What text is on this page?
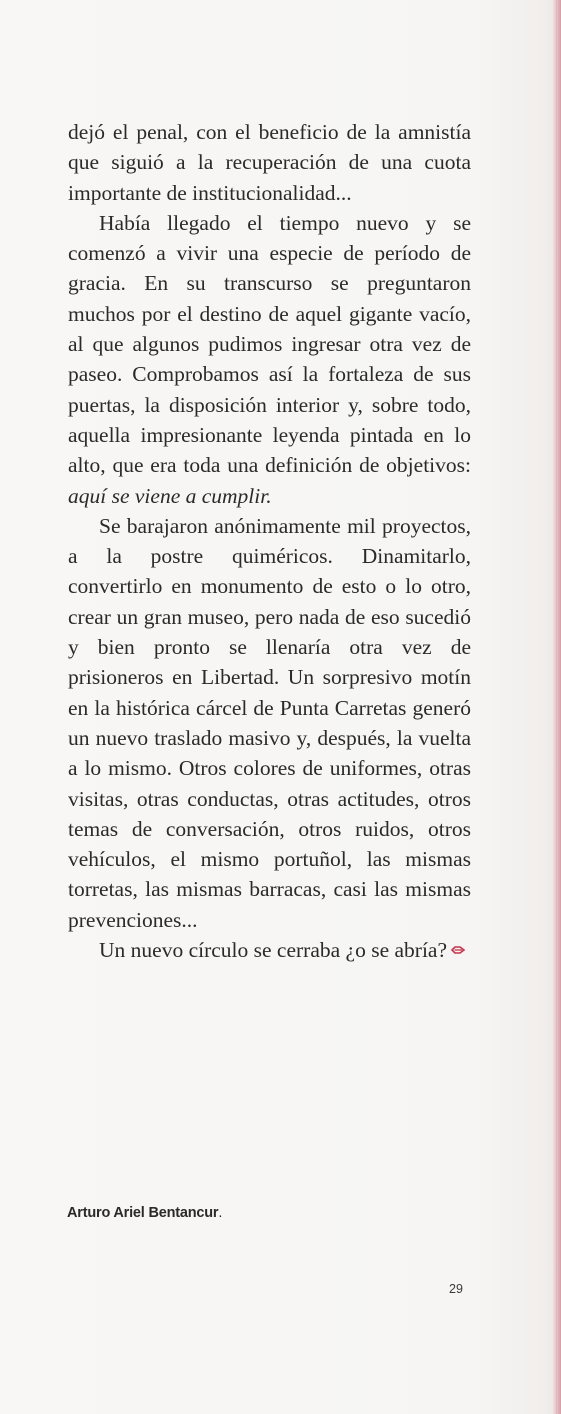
dejó el penal, con el beneficio de la amnistía que siguió a la recuperación de una cuota importante de institucionalidad...

Había llegado el tiempo nuevo y se comenzó a vivir una especie de período de gracia. En su transcurso se preguntaron muchos por el destino de aquel gigante vacío, al que algunos pudimos ingresar otra vez de paseo. Comprobamos así la fortaleza de sus puertas, la disposición interior y, sobre todo, aquella impresionante leyenda pintada en lo alto, que era toda una definición de objetivos: aquí se viene a cumplir.

Se barajaron anónimamente mil proyectos, a la postre quiméricos. Dinamitarlo, convertirlo en monumento de esto o lo otro, crear un gran museo, pero nada de eso sucedió y bien pronto se llenaría otra vez de prisioneros en Libertad. Un sorpresivo motín en la histórica cárcel de Punta Carretas generó un nuevo traslado masivo y, después, la vuelta a lo mismo. Otros colores de uniformes, otras visitas, otras conductas, otras actitudes, otros temas de conversación, otros ruidos, otros vehículos, el mismo portuñol, las mismas torretas, las mismas barracas, casi las mismas prevenciones...

Un nuevo círculo se cerraba ¿o se abría?

Arturo Ariel Bentancur.
29
